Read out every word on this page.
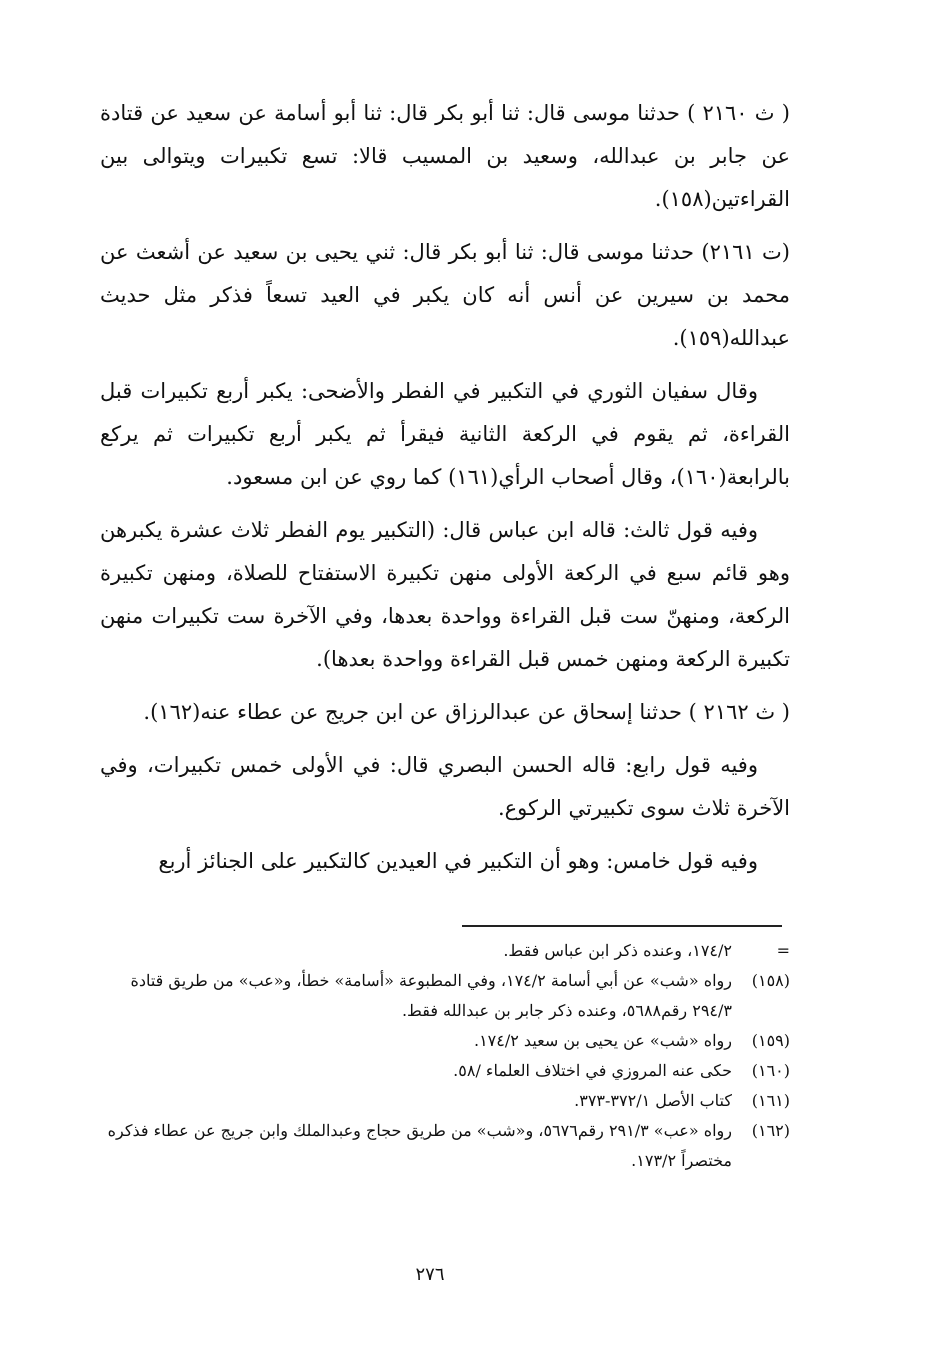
( ث ٢١٦٠ ) حدثنا موسى قال: ثنا أبو بكر قال: ثنا أبو أسامة عن سعيد عن قتادة عن جابر بن عبدالله، وسعيد بن المسيب قالا: تسع تكبيرات ويتوالى بين القراءتين(١٥٨).

(ت ٢١٦١) حدثنا موسى قال: ثنا أبو بكر قال: ثني يحيى بن سعيد عن أشعث عن محمد بن سيرين عن أنس أنه كان يكبر في العيد تسعاً فذكر مثل حديث عبدالله(١٥٩).

وقال سفيان الثوري في التكبير في الفطر والأضحى: يكبر أربع تكبيرات قبل القراءة، ثم يقوم في الركعة الثانية فيقرأ ثم يكبر أربع تكبيرات ثم يركع بالرابعة(١٦٠)، وقال أصحاب الرأي(١٦١) كما روي عن ابن مسعود.

وفيه قول ثالث: قاله ابن عباس قال: (التكبير يوم الفطر ثلاث عشرة يكبرهن وهو قائم سبع في الركعة الأولى منهن تكبيرة الاستفتاح للصلاة، ومنهن تكبيرة الركعة، ومنهنّ ست قبل القراءة وواحدة بعدها، وفي الآخرة ست تكبيرات منهن تكبيرة الركعة ومنهن خمس قبل القراءة وواحدة بعدها).

( ث ٢١٦٢ ) حدثنا إسحاق عن عبدالرزاق عن ابن جريج عن عطاء عنه(١٦٢).

وفيه قول رابع: قاله الحسن البصري قال: في الأولى خمس تكبيرات، وفي الآخرة ثلاث سوى تكبيرتي الركوع.

وفيه قول خامس: وهو أن التكبير في العيدين كالتكبير على الجنائز أربع

=
١٧٤/٢، وعنده ذكر ابن عباس فقط.
(١٥٨)
رواه «شب» عن أبي أسامة ١٧٤/٢، وفي المطبوعة «أسامة» خطأ، و«عب» من طريق قتادة ٢٩٤/٣ رقم٥٦٨٨، وعنده ذكر جابر بن عبدالله فقط.
(١٥٩)
رواه «شب» عن يحيى بن سعيد ١٧٤/٢.
(١٦٠)
حكى عنه المروزي في اختلاف العلماء /٥٨.
(١٦١)
كتاب الأصل ٣٧٢/١-٣٧٣.
(١٦٢)
رواه «عب» ٢٩١/٣ رقم٥٦٧٦، و«شب» من طريق حجاج وعبدالملك وابن جريج عن عطاء فذكره مختصراً ١٧٣/٢.
٢٧٦
